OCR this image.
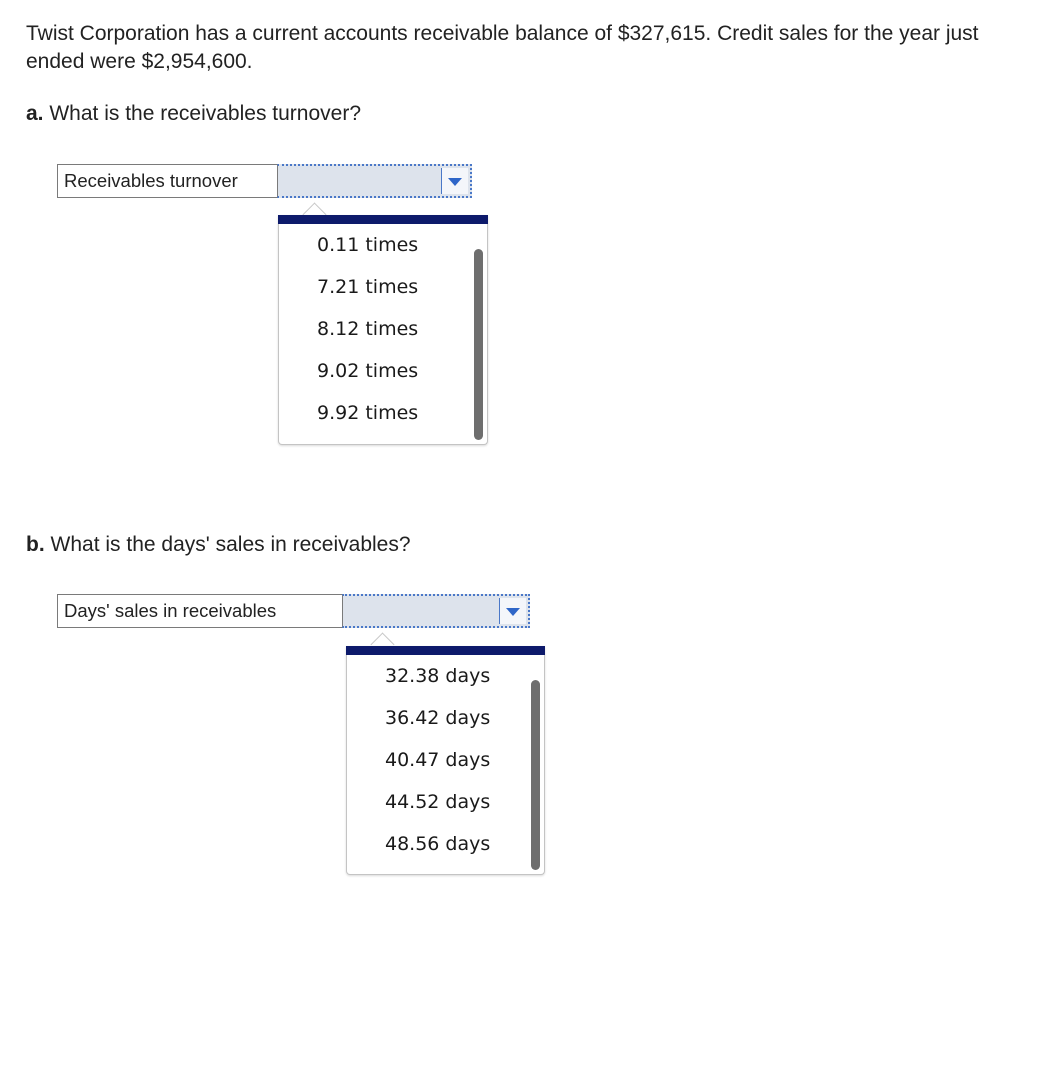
Twist Corporation has a current accounts receivable balance of $327,615. Credit sales for the year just ended were $2,954,600.

a. What is the receivables turnover?

Receivables turnover
0.11 times
7.21 times
8.12 times
9.02 times
9.92 times

b. What is the days' sales in receivables?

Days' sales in receivables
32.38 days
36.42 days
40.47 days
44.52 days
48.56 days
